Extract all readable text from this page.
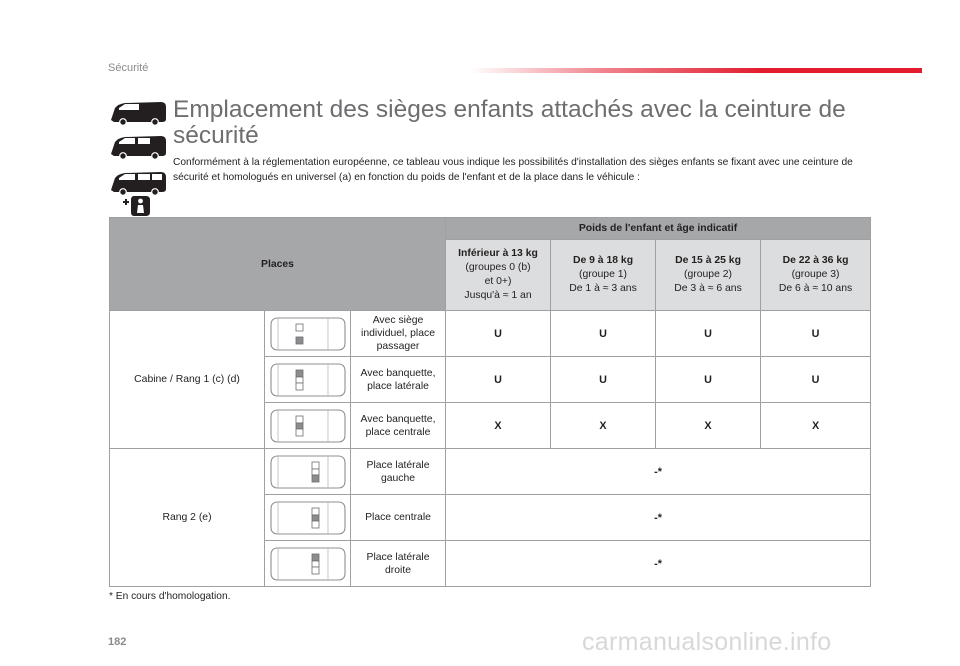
Sécurité
Emplacement des sièges enfants attachés avec la ceinture de sécurité

Conformément à la réglementation européenne, ce tableau vous indique les possibilités d'installation des sièges enfants se fixant avec une ceinture de sécurité et homologués en universel (a) en fonction du poids de l'enfant et de la place dans le véhicule :

Places			Poids de l'enfant et âge indicatif			

			Inférieur à 13 kg
(groupes 0 (b)
et 0+)
Jusqu'à ≈ 1 an	De 9 à 18 kg
(groupe 1)
De 1 à ≈ 3 ans	De 15 à 25 kg
(groupe 2)
De 3 à ≈ 6 ans	De 22 à 36 kg
(groupe 3)
De 6 à ≈ 10 ans
Cabine / Rang 1 (c) (d)		Avec siège
individuel, place
passager	U	U	U	U

	Avec banquette,
place latérale	U	U	U	U

	Avec banquette,
place centrale	X	X	X	X
Rang 2 (e)		Place latérale
gauche	-*			

	Place centrale	-*			

	Place latérale
droite	-*			
* En cours d'homologation.
182	carmanualsonline.info
